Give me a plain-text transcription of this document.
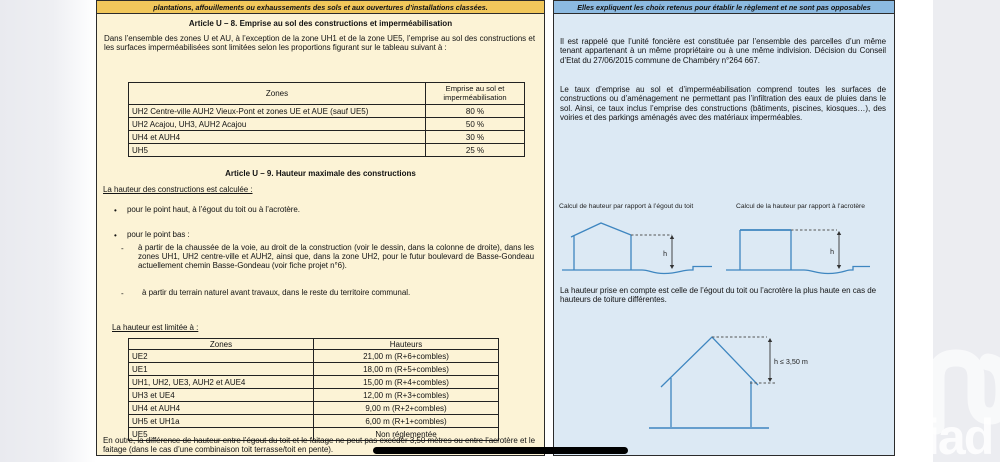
plantations, affouillements ou exhaussements des sols et aux ouvertures d’installations classées.
Article U – 8. Emprise au sol des constructions et imperméabilisation
Dans l’ensemble des zones U et AU, à l’exception de la zone UH1 et de la zone UE5, l’emprise au sol des constructions et les surfaces imperméabilisées sont limitées selon les proportions figurant sur le tableau suivant à :
Zones	Emprise au sol et imperméabilisation
UH2 Centre-ville AUH2 Vieux-Pont et zones UE et AUE (sauf UE5)	80 %
UH2 Acajou, UH3, AUH2 Acajou	50 %
UH4 et AUH4	30 %
UH5	25 %
Article U – 9. Hauteur maximale des constructions
La hauteur des constructions est calculée :
• pour le point haut, à l’égout du toit ou à l’acrotère.
• pour le point bas :
- à partir de la chaussée de la voie, au droit de la construction (voir le dessin, dans la colonne de droite), dans les zones UH1, UH2 centre-ville et AUH2, ainsi que, dans la zone UH2, pour le futur boulevard de Basse-Gondeau actuellement chemin Basse-Gondeau (voir fiche projet n°6).
- à partir du terrain naturel avant travaux, dans le reste du territoire communal.
La hauteur est limitée à :
Zones	Hauteurs
UE2	21,00 m (R+6+combles)
UE1	18,00 m (R+5+combles)
UH1, UH2, UE3, AUH2 et AUE4	15,00 m (R+4+combles)
UH3 et UE4	12,00 m (R+3+combles)
UH4 et AUH4	9,00 m (R+2+combles)
UH5 et UH1a	6,00 m (R+1+combles)
UE5	Non réglementée
En outre, la différence de hauteur entre l’égout du toit et le faitage ne peut pas excéder 3,50 mètres ou entre l’acrotère et le faitage (dans le cas d’une combinaison toit terrasse/toit en pente).
Elles expliquent les choix retenus pour établir le règlement et ne sont pas opposables
Il est rappelé que l’unité foncière est constituée par l’ensemble des parcelles d’un même tenant appartenant à un même propriétaire ou à une même indivision. Décision du Conseil d’Etat du 27/06/2015 commune de Chambéry n°264 667.
Le taux d’emprise au sol et d’imperméabilisation comprend toutes les surfaces de constructions ou d’aménagement ne permettant pas l’infiltration des eaux de pluies dans le sol. Ainsi, ce taux inclus l’emprise des constructions (bâtiments, piscines, kiosques…), des voiries et des parkings aménagés avec des matériaux imperméables.
Calcul de hauteur par rapport à l’égout du toit	Calcul de la hauteur par rapport à l’acrotère
h	h
La hauteur prise en compte est celle de l’égout du toit ou l’acrotère la plus haute en cas de hauteurs de toiture différentes.
h ≤ 3,50 m
iad
